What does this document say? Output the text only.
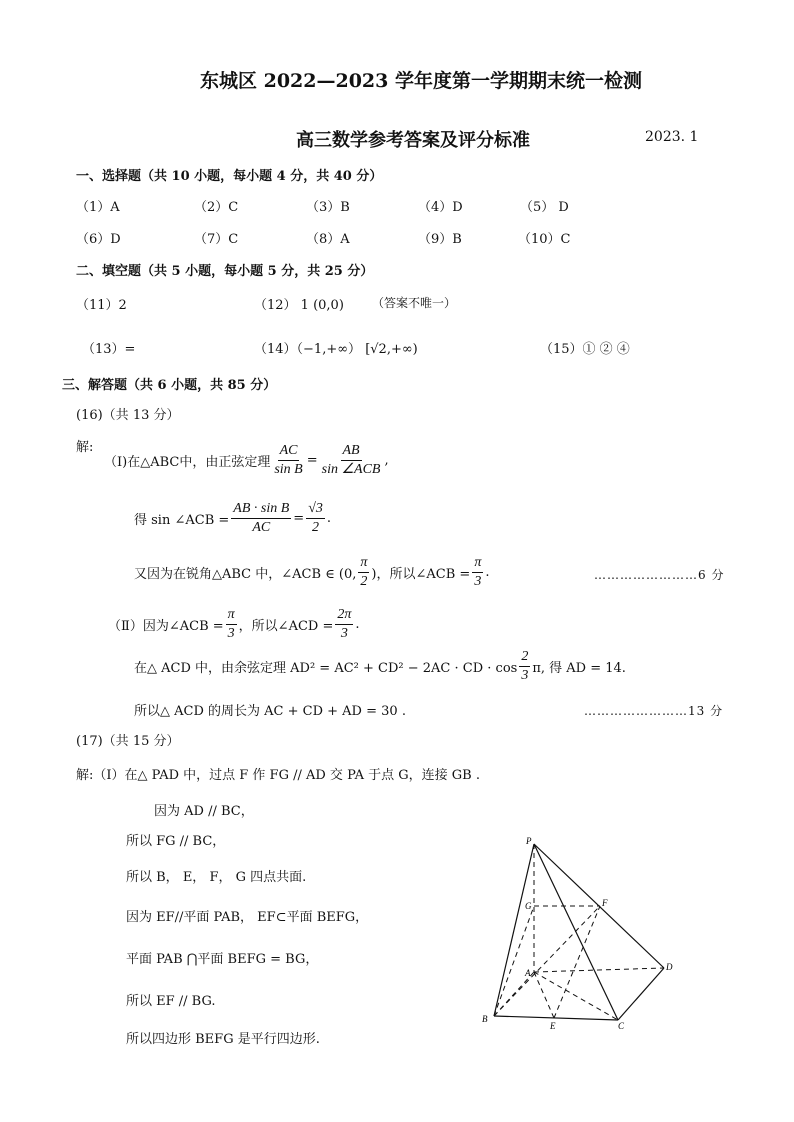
东城区 2022—2023 学年度第一学期期末统一检测
高三数学参考答案及评分标准	2023. 1
一、选择题（共 10 小题，每小题 4 分，共 40 分）
（1）A	（2）C	（3）B	（4）D	（5） D
（6）D	（7）C	（8）A	（9）B	（10）C
二、填空题（共 5 小题，每小题 5 分，共 25 分）
（11）2	（12） 1 (0,0) （答案不唯一）
（13）=	（14）（−1,+∞） [√2,+∞)	（15）① ② ④
三、解答题（共 6 小题，共 85 分）
(16)（共 13 分）
解:
（Ⅰ)在△ABC中，由正弦定理 $\frac{AC}{\text{sin B}}$ =
AB
sin ∠ACB
,
得 sin ∠ACB = $\frac{\text{AB · sin B}}{AC} = \frac{√3}{2}$ .
又因为在锐角△ABC 中，∠ACB ∈ (0,
π
2 )，所以∠ACB = $\frac{\pi}{3}$ .	……………………6 分
（Ⅱ）因为∠ACB = $\frac{\pi}{3}$ ，所以∠ACD = $\frac{2\pi}{3}$ .
在△ ACD 中，由余弦定理 AD² = AC² + CD² − 2AC · CD · cos
2
3 π, 得 AD = 14.
所以△ ACD 的周长为 AC + CD + AD = 30 .	……………………13 分
(17)（共 15 分）
解:（I）在△ PAD 中，过点 F 作 FG // AD 交 PA 于点 G，连接 GB .
因为 AD // BC，
所以 FG // BC，
所以 B， E， F， G 四点共面.
因为 EF//平面 PAB， EF⊂平面 BEFG，
平面 PAB ⋂平面 BEFG = BG，
所以 EF // BG.
所以四边形 BEFG 是平行四边形.
P
G	F
A
D
B
E	C
